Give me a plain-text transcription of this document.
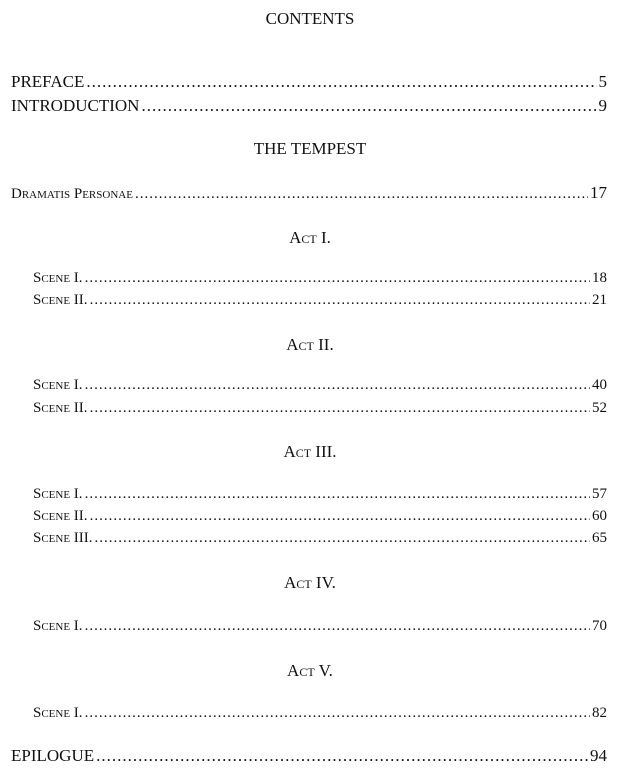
CONTENTS
PREFACE .....	5
INTRODUCTION .....	9
THE TEMPEST
Dramatis Personae .....	17
Act I.
Scene I. .....	18
Scene II. .....	21
Act II.
Scene I. .....	40
Scene II. .....	52
Act III.
Scene I. .....	57
Scene II. .....	60
Scene III. .....	65
Act IV.
Scene I. .....	70
Act V.
Scene I. .....	82
EPILOGUE .....	94
